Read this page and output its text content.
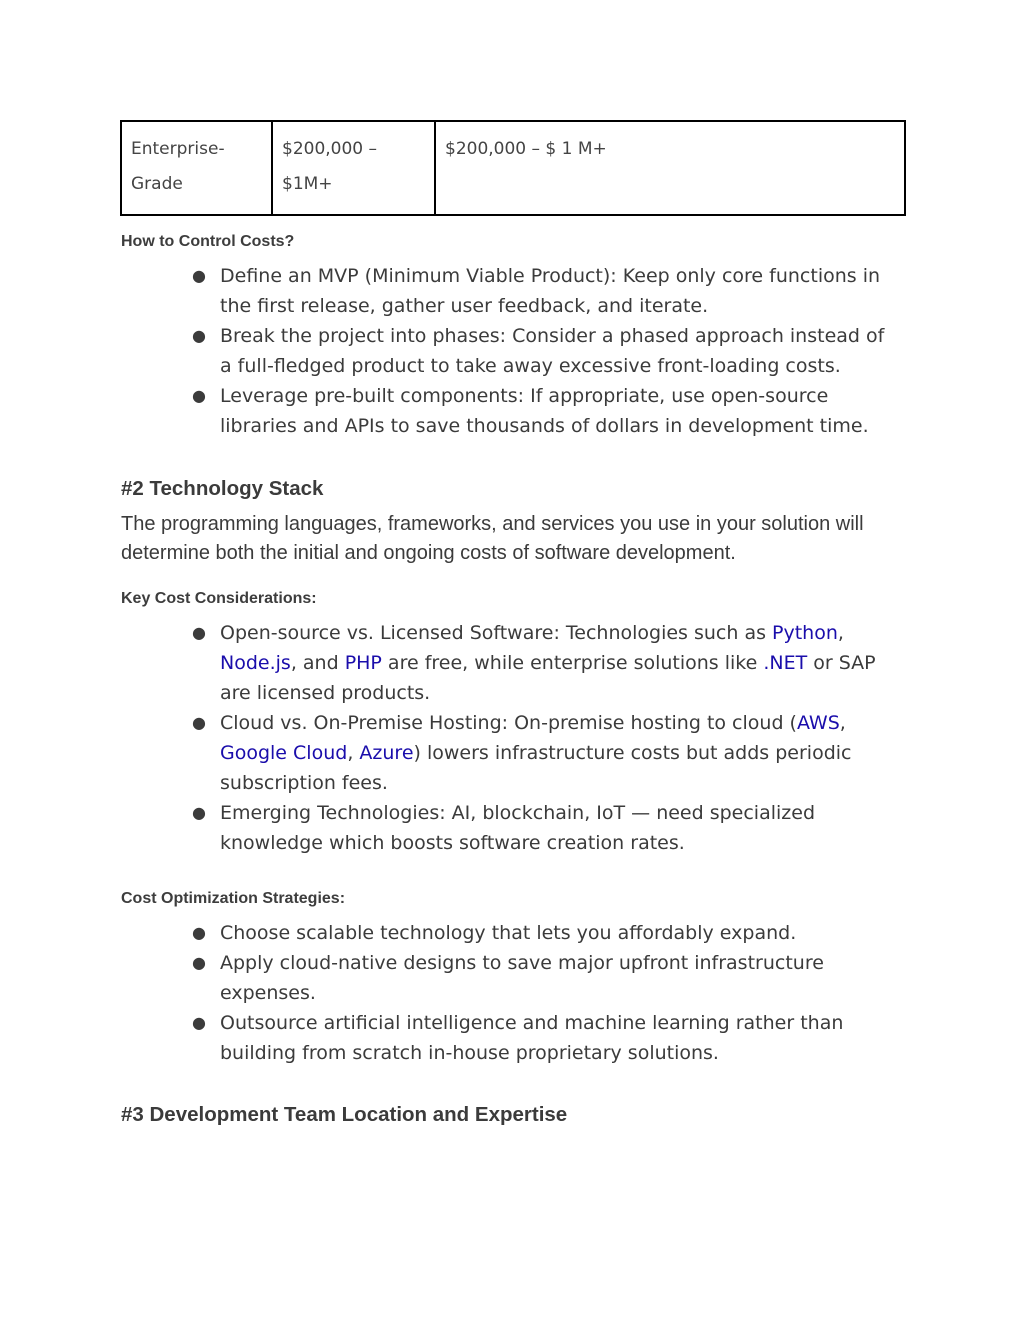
Enterprise-Grade	$200,000 – $1M+	$200,000 – $ 1 M+
How to Control Costs?
● Define an MVP (Minimum Viable Product): Keep only core functions in the first release, gather user feedback, and iterate.
● Break the project into phases: Consider a phased approach instead of a full-fledged product to take away excessive front-loading costs.
● Leverage pre-built components: If appropriate, use open-source libraries and APIs to save thousands of dollars in development time.
#2 Technology Stack
The programming languages, frameworks, and services you use in your solution will determine both the initial and ongoing costs of software development.
Key Cost Considerations:
● Open-source vs. Licensed Software: Technologies such as Python, Node.js, and PHP are free, while enterprise solutions like .NET or SAP are licensed products.
● Cloud vs. On-Premise Hosting: On-premise hosting to cloud (AWS, Google Cloud, Azure) lowers infrastructure costs but adds periodic subscription fees.
● Emerging Technologies: AI, blockchain, IoT — need specialized knowledge which boosts software creation rates.
Cost Optimization Strategies:
● Choose scalable technology that lets you affordably expand.
● Apply cloud-native designs to save major upfront infrastructure expenses.
● Outsource artificial intelligence and machine learning rather than building from scratch in-house proprietary solutions.
#3 Development Team Location and Expertise
